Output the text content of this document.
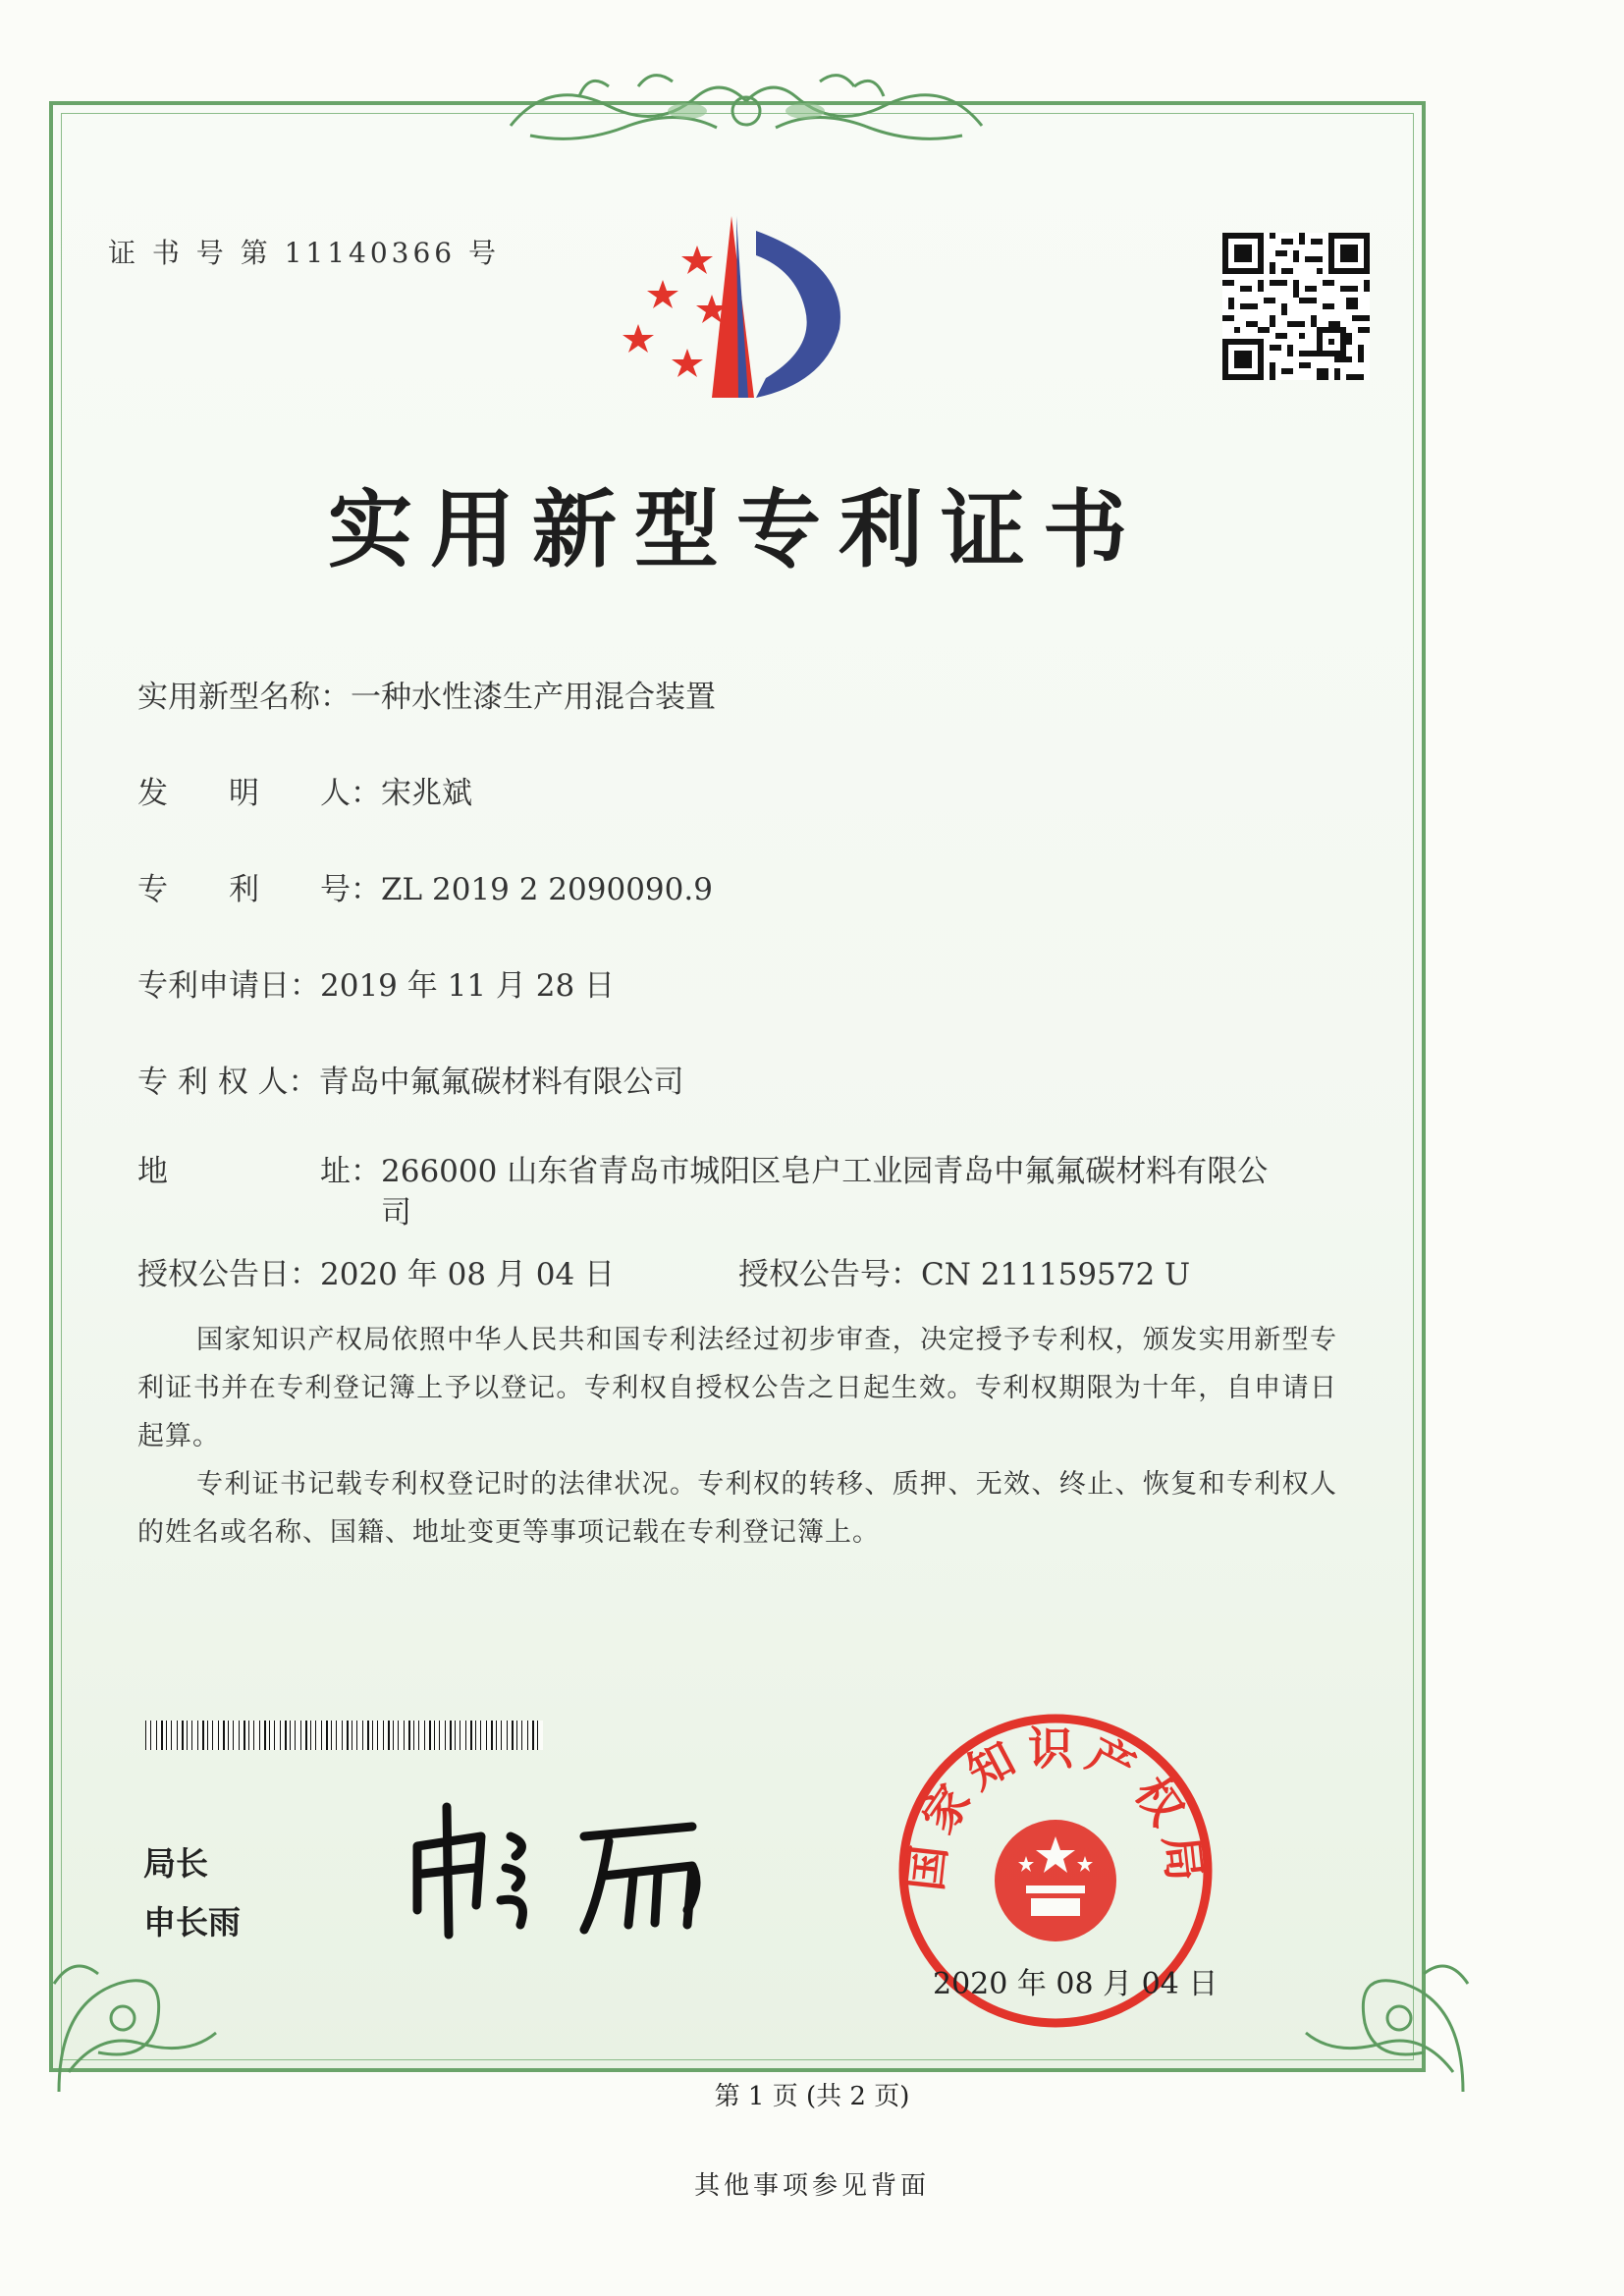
证 书 号 第 11140366 号
实用新型专利证书
实用新型名称：一种水性漆生产用混合装置
发　　明　　人：宋兆斌
专　　利　　号：ZL 2019 2 2090090.9
专利申请日：2019 年 11 月 28 日
专 利 权 人：青岛中氟氟碳材料有限公司
地　　　　　址：266000 山东省青岛市城阳区皂户工业园青岛中氟氟碳材料有限公司
授权公告日：2020 年 08 月 04 日	授权公告号：CN 211159572 U

国家知识产权局依照中华人民共和国专利法经过初步审查，决定授予专利权，颁发实用新型专利证书并在专利登记簿上予以登记。专利权自授权公告之日起生效。专利权期限为十年，自申请日起算。

专利证书记载专利权登记时的法律状况。专利权的转移、质押、无效、终止、恢复和专利权人的姓名或名称、国籍、地址变更等事项记载在专利登记簿上。

局长
申长雨
国家知识产权局
2020 年 08 月 04 日
第 1 页 (共 2 页)
其他事项参见背面
